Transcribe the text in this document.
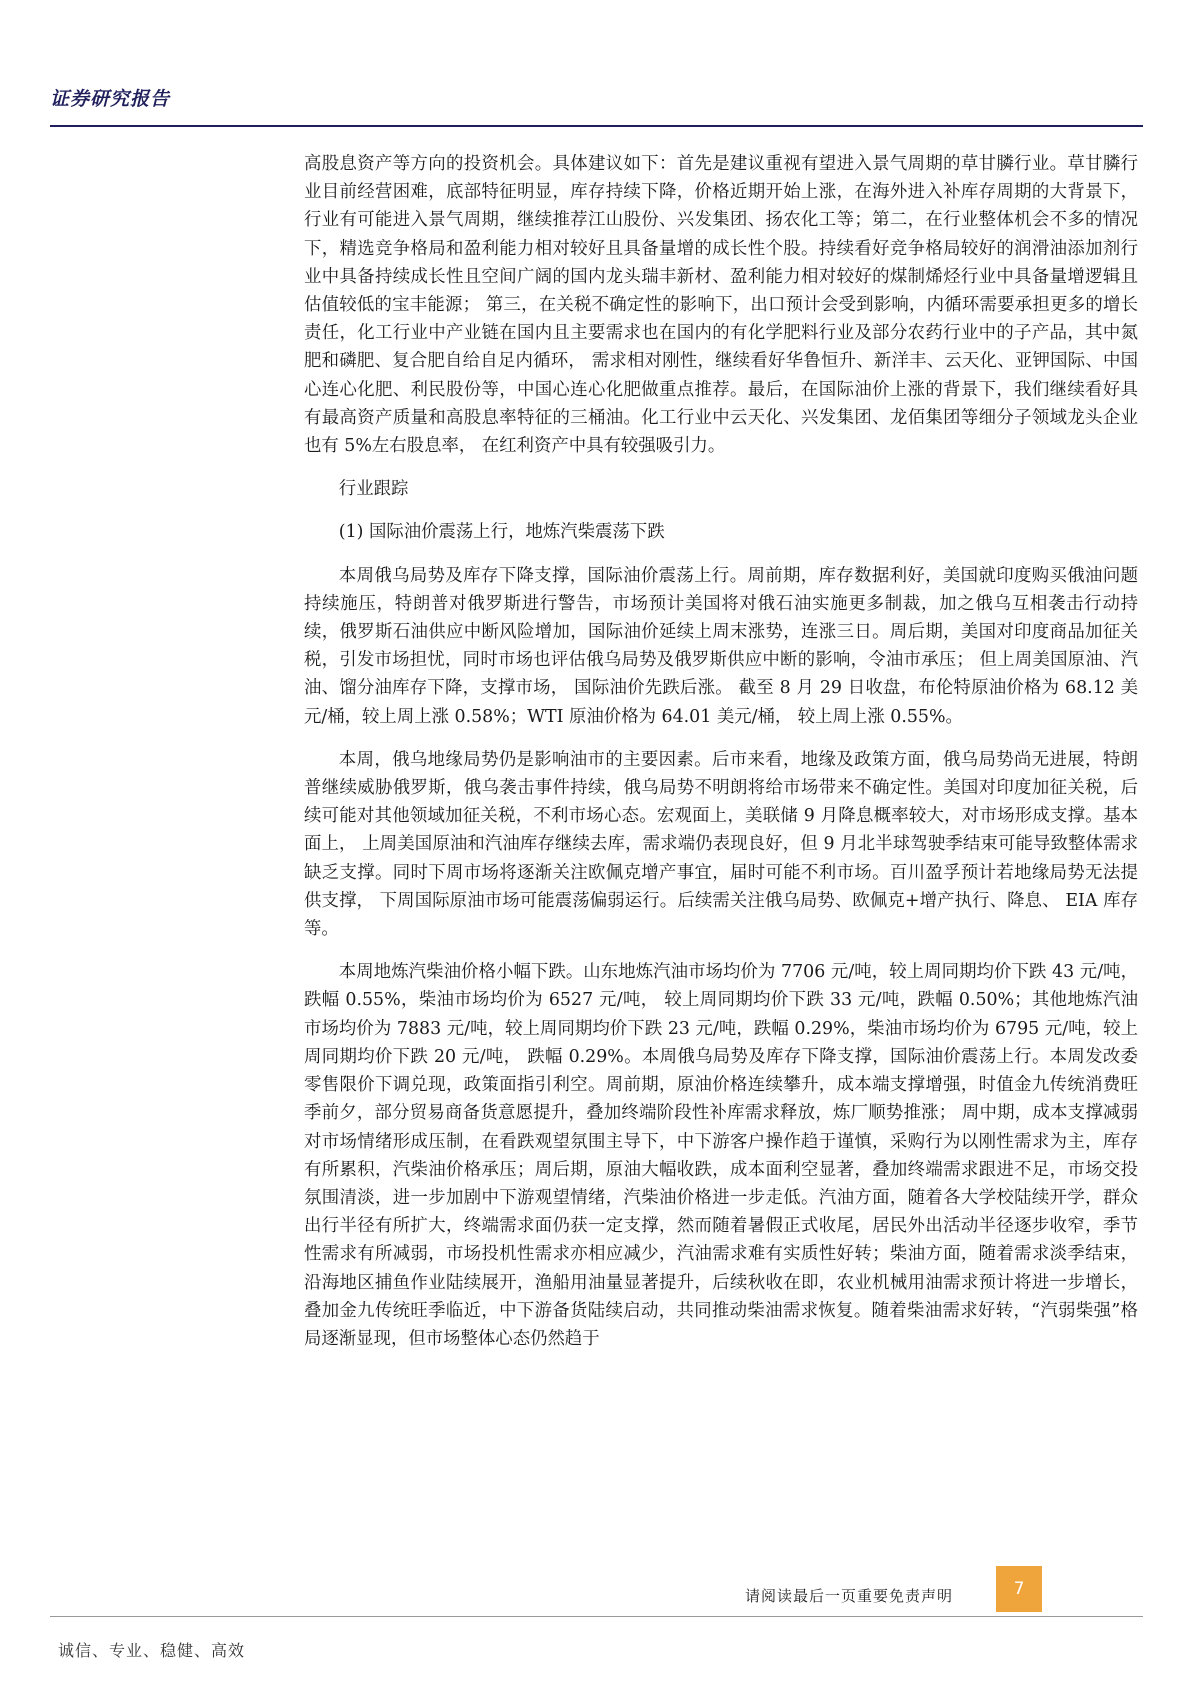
证券研究报告

高股息资产等方向的投资机会。具体建议如下：首先是建议重视有望进入景气周期的草甘膦行业。草甘膦行业目前经营困难，底部特征明显，库存持续下降，价格近期开始上涨，在海外进入补库存周期的大背景下，行业有可能进入景气周期，继续推荐江山股份、兴发集团、扬农化工等；第二，在行业整体机会不多的情况下，精选竞争格局和盈利能力相对较好且具备量增的成长性个股。持续看好竞争格局较好的润滑油添加剂行业中具备持续成长性且空间广阔的国内龙头瑞丰新材、盈利能力相对较好的煤制烯烃行业中具备量增逻辑且估值较低的宝丰能源； 第三，在关税不确定性的影响下，出口预计会受到影响，内循环需要承担更多的增长责任，化工行业中产业链在国内且主要需求也在国内的有化学肥料行业及部分农药行业中的子产品，其中氮肥和磷肥、复合肥自给自足内循环， 需求相对刚性，继续看好华鲁恒升、新洋丰、云天化、亚钾国际、中国心连心化肥、利民股份等，中国心连心化肥做重点推荐。最后，在国际油价上涨的背景下，我们继续看好具有最高资产质量和高股息率特征的三桶油。化工行业中云天化、兴发集团、龙佰集团等细分子领域龙头企业也有 5%左右股息率， 在红利资产中具有较强吸引力。

行业跟踪

(1) 国际油价震荡上行，地炼汽柴震荡下跌

本周俄乌局势及库存下降支撑，国际油价震荡上行。周前期，库存数据利好，美国就印度购买俄油问题持续施压，特朗普对俄罗斯进行警告，市场预计美国将对俄石油实施更多制裁，加之俄乌互相袭击行动持续，俄罗斯石油供应中断风险增加，国际油价延续上周末涨势，连涨三日。周后期，美国对印度商品加征关税，引发市场担忧，同时市场也评估俄乌局势及俄罗斯供应中断的影响，令油市承压； 但上周美国原油、汽油、馏分油库存下降，支撑市场， 国际油价先跌后涨。 截至 8 月 29 日收盘，布伦特原油价格为 68.12 美元/桶，较上周上涨 0.58%；WTI 原油价格为 64.01 美元/桶， 较上周上涨 0.55%。

本周，俄乌地缘局势仍是影响油市的主要因素。后市来看，地缘及政策方面，俄乌局势尚无进展，特朗普继续威胁俄罗斯，俄乌袭击事件持续，俄乌局势不明朗将给市场带来不确定性。美国对印度加征关税，后续可能对其他领域加征关税，不利市场心态。宏观面上，美联储 9 月降息概率较大，对市场形成支撑。基本面上， 上周美国原油和汽油库存继续去库，需求端仍表现良好，但 9 月北半球驾驶季结束可能导致整体需求缺乏支撑。同时下周市场将逐渐关注欧佩克增产事宜，届时可能不利市场。百川盈孚预计若地缘局势无法提供支撑， 下周国际原油市场可能震荡偏弱运行。后续需关注俄乌局势、欧佩克+增产执行、降息、 EIA 库存等。

本周地炼汽柴油价格小幅下跌。山东地炼汽油市场均价为 7706 元/吨，较上周同期均价下跌 43 元/吨，跌幅 0.55%，柴油市场均价为 6527 元/吨， 较上周同期均价下跌 33 元/吨，跌幅 0.50%；其他地炼汽油市场均价为 7883 元/吨，较上周同期均价下跌 23 元/吨，跌幅 0.29%，柴油市场均价为 6795 元/吨，较上周同期均价下跌 20 元/吨， 跌幅 0.29%。本周俄乌局势及库存下降支撑，国际油价震荡上行。本周发改委零售限价下调兑现，政策面指引利空。周前期，原油价格连续攀升，成本端支撑增强，时值金九传统消费旺季前夕，部分贸易商备货意愿提升，叠加终端阶段性补库需求释放，炼厂顺势推涨； 周中期，成本支撑减弱对市场情绪形成压制，在看跌观望氛围主导下，中下游客户操作趋于谨慎，采购行为以刚性需求为主，库存有所累积，汽柴油价格承压；周后期，原油大幅收跌，成本面利空显著，叠加终端需求跟进不足，市场交投氛围清淡，进一步加剧中下游观望情绪，汽柴油价格进一步走低。汽油方面，随着各大学校陆续开学，群众出行半径有所扩大，终端需求面仍获一定支撑，然而随着暑假正式收尾，居民外出活动半径逐步收窄，季节性需求有所减弱，市场投机性需求亦相应减少，汽油需求难有实质性好转；柴油方面，随着需求淡季结束，沿海地区捕鱼作业陆续展开，渔船用油量显著提升，后续秋收在即，农业机械用油需求预计将进一步增长，叠加金九传统旺季临近，中下游备货陆续启动，共同推动柴油需求恢复。随着柴油需求好转，“汽弱柴强”格局逐渐显现，但市场整体心态仍然趋于

请阅读最后一页重要免责声明	7
诚信、专业、稳健、高效
